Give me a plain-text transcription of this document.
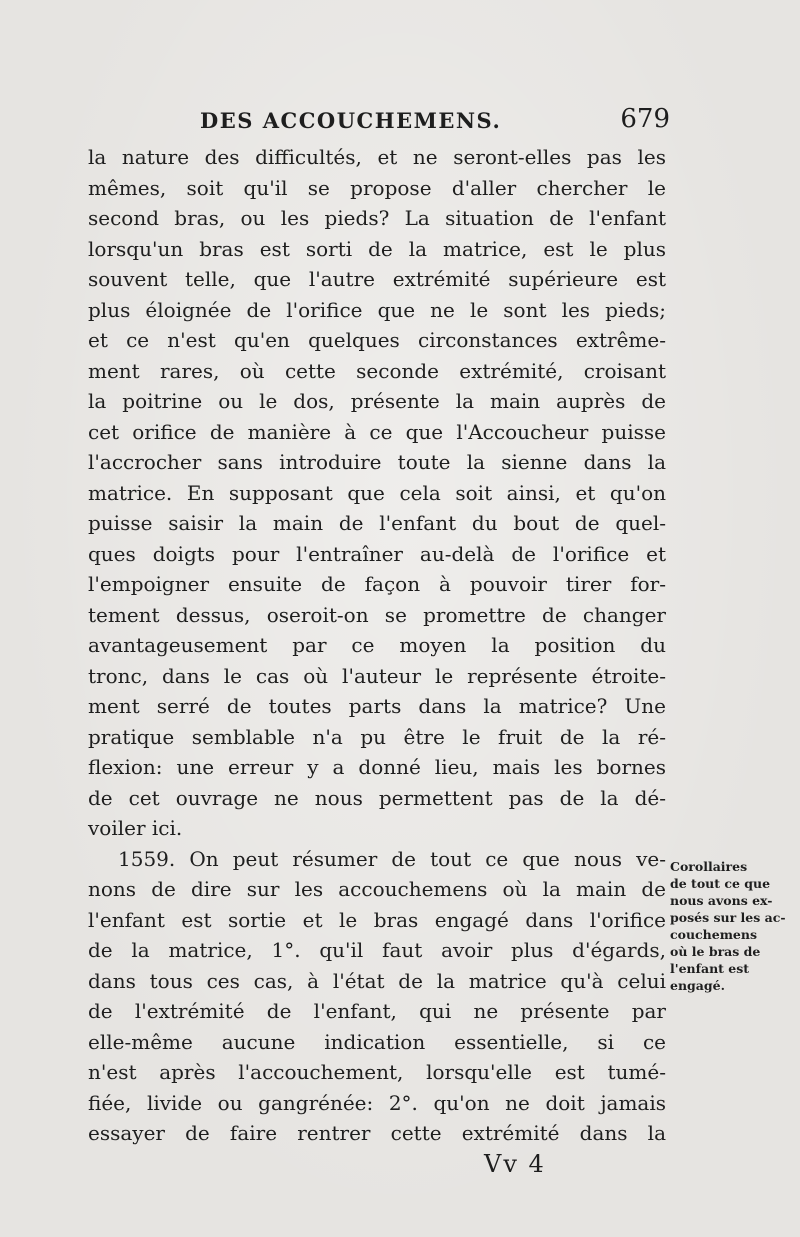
DES ACCOUCHEMENS.	679
la nature des difficultés, et ne seront-elles pas les
mêmes, soit qu'il se propose d'aller chercher le
second bras, ou les pieds? La situation de l'enfant
lorsqu'un bras est sorti de la matrice, est le plus
souvent telle, que l'autre extrémité supérieure est
plus éloignée de l'orifice que ne le sont les pieds;
et ce n'est qu'en quelques circonstances extrême-
ment rares, où cette seconde extrémité, croisant
la poitrine ou le dos, présente la main auprès de
cet orifice de manière à ce que l'Accoucheur puisse
l'accrocher sans introduire toute la sienne dans la
matrice. En supposant que cela soit ainsi, et qu'on
puisse saisir la main de l'enfant du bout de quel-
ques doigts pour l'entraîner au-delà de l'orifice et
l'empoigner ensuite de façon à pouvoir tirer for-
tement dessus, oseroit-on se promettre de changer
avantageusement par ce moyen la position du
tronc, dans le cas où l'auteur le représente étroite-
ment serré de toutes parts dans la matrice? Une
pratique semblable n'a pu être le fruit de la ré-
flexion: une erreur y a donné lieu, mais les bornes
de cet ouvrage ne nous permettent pas de la dé-
voiler ici.
1559. On peut résumer de tout ce que nous ve-
nons de dire sur les accouchemens où la main de
l'enfant est sortie et le bras engagé dans l'orifice
de la matrice, 1°. qu'il faut avoir plus d'égards,
dans tous ces cas, à l'état de la matrice qu'à celui
de l'extrémité de l'enfant, qui ne présente par
elle-même aucune indication essentielle, si ce
n'est après l'accouchement, lorsqu'elle est tumé-
fiée, livide ou gangrénée: 2°. qu'on ne doit jamais
essayer de faire rentrer cette extrémité dans la
Corollaires
de tout ce que
nous avons ex-
posés sur les ac-
couchemens
où le bras de
l'enfant est
engagé.
Vv 4
